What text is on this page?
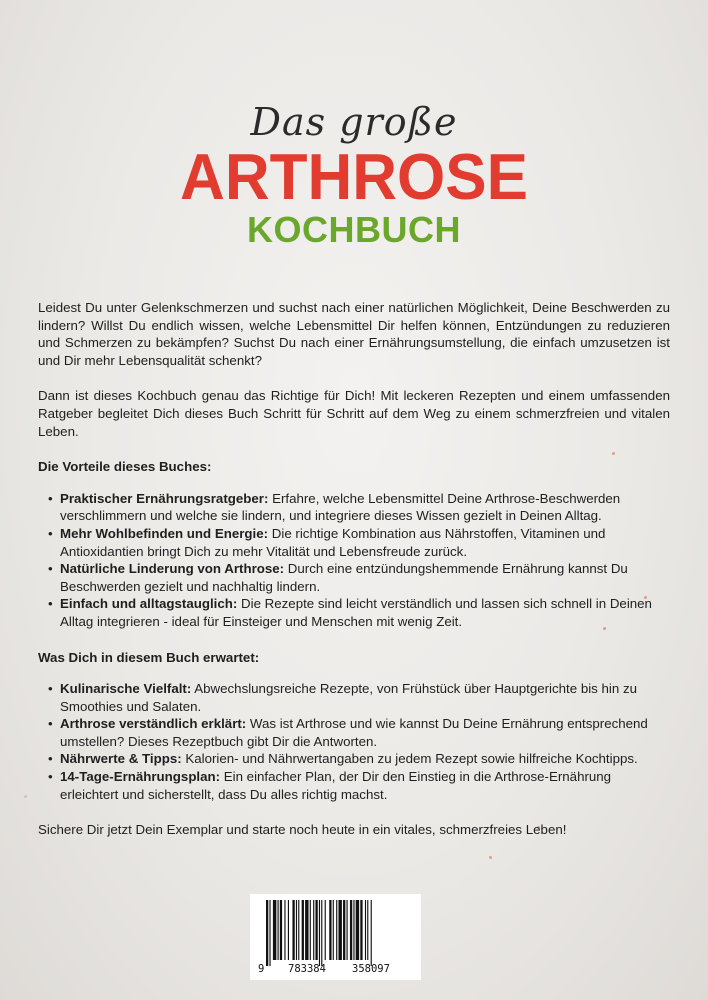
Das große
ARTHROSE
KOCHBUCH

Leidest Du unter Gelenkschmerzen und suchst nach einer natürlichen Möglichkeit, Deine Beschwerden zu lindern? Willst Du endlich wissen, welche Lebensmittel Dir helfen können, Entzündungen zu reduzieren und Schmerzen zu bekämpfen? Suchst Du nach einer Ernährungsumstellung, die einfach umzusetzen ist und Dir mehr Lebensqualität schenkt?

Dann ist dieses Kochbuch genau das Richtige für Dich! Mit leckeren Rezepten und einem umfassenden Ratgeber begleitet Dich dieses Buch Schritt für Schritt auf dem Weg zu einem schmerzfreien und vitalen Leben.

Die Vorteile dieses Buches:

• Praktischer Ernährungsratgeber: Erfahre, welche Lebensmittel Deine Arthrose-Beschwerden verschlimmern und welche sie lindern, und integriere dieses Wissen gezielt in Deinen Alltag.
• Mehr Wohlbefinden und Energie: Die richtige Kombination aus Nährstoffen, Vitaminen und Antioxidantien bringt Dich zu mehr Vitalität und Lebensfreude zurück.
• Natürliche Linderung von Arthrose: Durch eine entzündungshemmende Ernährung kannst Du Beschwerden gezielt und nachhaltig lindern.
• Einfach und alltagstauglich: Die Rezepte sind leicht verständlich und lassen sich schnell in Deinen Alltag integrieren - ideal für Einsteiger und Menschen mit wenig Zeit.

Was Dich in diesem Buch erwartet:

• Kulinarische Vielfalt: Abwechslungsreiche Rezepte, von Frühstück über Hauptgerichte bis hin zu Smoothies und Salaten.
• Arthrose verständlich erklärt: Was ist Arthrose und wie kannst Du Deine Ernährung entsprechend umstellen? Dieses Rezeptbuch gibt Dir die Antworten.
• Nährwerte & Tipps: Kalorien- und Nährwertangaben zu jedem Rezept sowie hilfreiche Kochtipps.
• 14-Tage-Ernährungsplan: Ein einfacher Plan, der Dir den Einstieg in die Arthrose-Ernährung erleichtert und sicherstellt, dass Du alles richtig machst.

Sichere Dir jetzt Dein Exemplar und starte noch heute in ein vitales, schmerzfreies Leben!

9 783384 358097
